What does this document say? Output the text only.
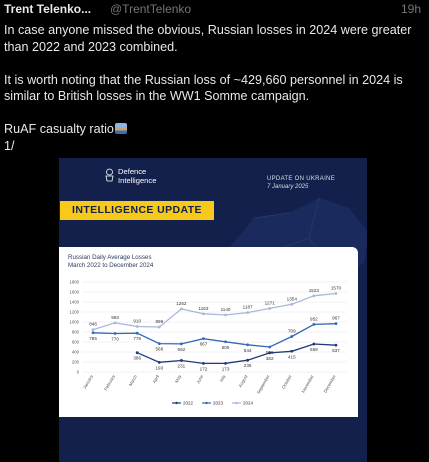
Trent Telenko... @TrentTelenko	19h

In case anyone missed the obvious, Russian losses in 2024 were greater

than 2022 and 2023 combined.

It is worth noting that the Russian loss of ~429,660 personnel in 2024 is

similar to British losses in the WW1 Somme campaign.

RuAF casualty ratio

1/

Defence
Intelligence	UPDATE ON UKRAINE
7 January 2025
INTELLIGENCE UPDATE
Russian Daily Average Losses
March 2022 to December 2024
0
200
400
600
800
1000
1200
1400
1600
1800
January February	March	April	May	June	July	August September October November December
386
193	231
172	173
236
382	415
559	537
785	770	776
568	562
667
605
544	500
709
952	967
846
983
910	899
1262
1163	1140	1187
1271
1354
1523	1570
2022	2023	2024
